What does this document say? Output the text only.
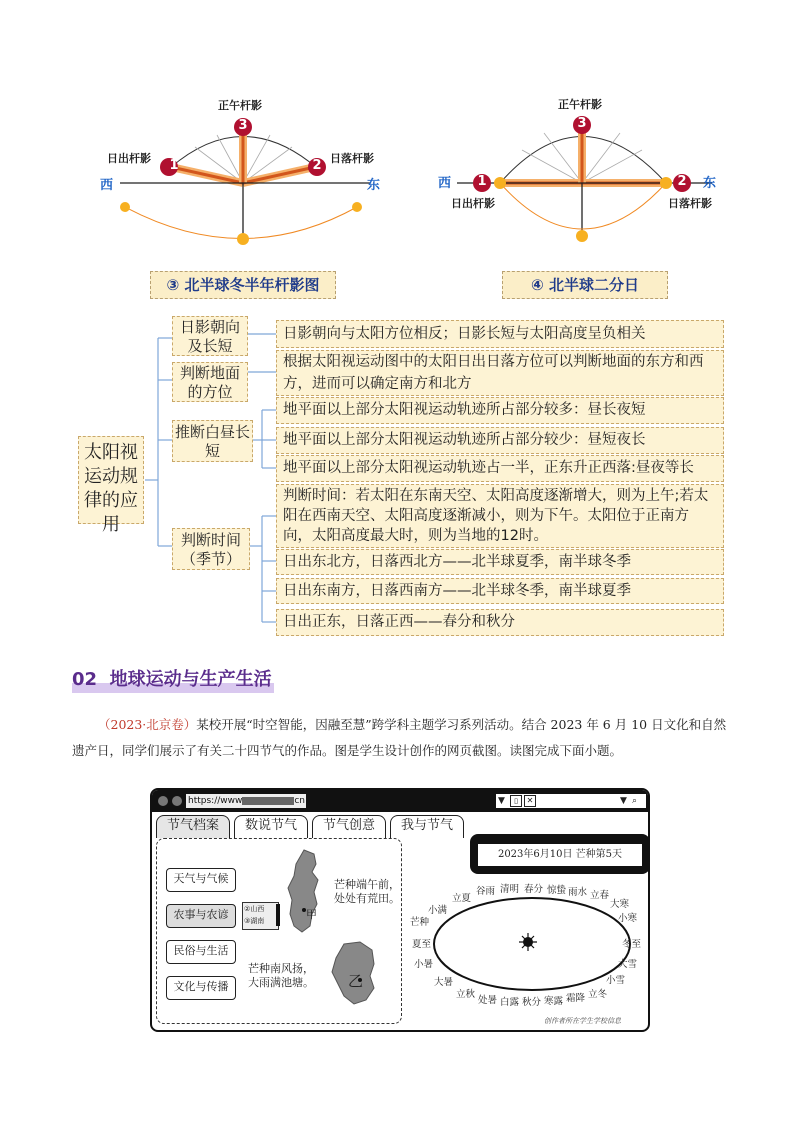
1	2
3
正午杆影
日出杆影	日落杆影
西	东
③ 北半球冬半年杆影图
1	2
3
正午杆影
日出杆影	日落杆影
西	东
④ 北半球二分日
太阳视运动规律的应用
日影朝向及长短
判断地面的方位
推断白昼长短
判断时间（季节）
日影朝向与太阳方位相反；日影长短与太阳高度呈负相关
根据太阳视运动图中的太阳日出日落方位可以判断地面的东方和西方，进而可以确定南方和北方
地平面以上部分太阳视运动轨迹所占部分较多：昼长夜短
地平面以上部分太阳视运动轨迹所占部分较少：昼短夜长
地平面以上部分太阳视运动轨迹占一半，正东升正西落:昼夜等长
判断时间：若太阳在东南天空、太阳高度逐渐增大，则为上午;若太阳在西南天空、太阳高度逐渐减小，则为下午。太阳位于正南方向，太阳高度最大时，则为当地的12时。
日出东北方，日落西北方——北半球夏季，南半球冬季
日出东南方，日落西南方——北半球冬季，南半球夏季
日出正东，日落正西——春分和秋分
02 地球运动与生产生活
（2023·北京卷）某校开展“时空智能，因融至慧”跨学科主题学习系列活动。结合 2023 年 6 月 10 日文化和自然遗产日，同学们展示了有关二十四节气的作品。图是学生设计创作的网页截图。读图完成下面小题。
https://www	cn	▼	▯	✕	▼ ⌕
节气档案	数说节气	节气创意	我与节气
天气与气候
农事与农谚
民俗与生活
文化与传播
②山西
③湖南	甲
乙
芒种端午前，
处处有荒田。
芒种南风扬，
大雨满池塘。
2023年6月10日 芒种第5天
芒种
小满
立夏
谷雨 清明 春分 惊蛰 雨水 立春
大寒
小寒
夏至
小暑
大暑
立秋
处暑 白露 秋分 寒露 霜降 立冬
小雪
大雪
冬至
创作者所在学生学校信息
